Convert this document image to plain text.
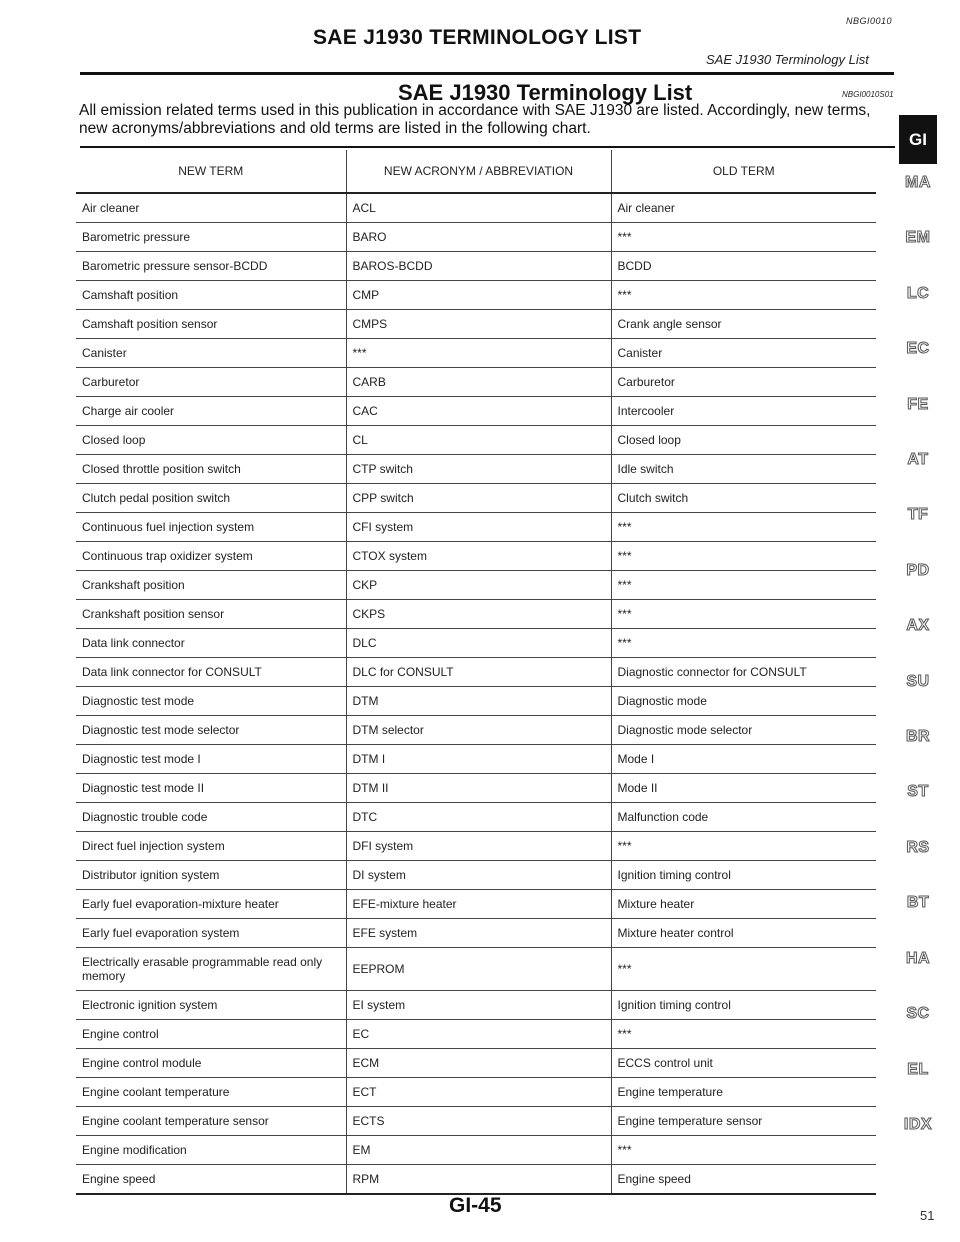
NBGI0010
SAE J1930 TERMINOLOGY LIST
SAE J1930 Terminology List
SAE J1930 Terminology List	NBGI0010S01
All emission related terms used in this publication in accordance with SAE J1930 are listed. Accordingly, new terms, new acronyms/abbreviations and old terms are listed in the following chart.
NEW TERM	NEW ACRONYM / ABBREVIATION	OLD TERM
Air cleaner	ACL	Air cleaner
Barometric pressure	BARO	***
Barometric pressure sensor-BCDD	BAROS-BCDD	BCDD
Camshaft position	CMP	***
Camshaft position sensor	CMPS	Crank angle sensor
Canister	***	Canister
Carburetor	CARB	Carburetor
Charge air cooler	CAC	Intercooler
Closed loop	CL	Closed loop
Closed throttle position switch	CTP switch	Idle switch
Clutch pedal position switch	CPP switch	Clutch switch
Continuous fuel injection system	CFI system	***
Continuous trap oxidizer system	CTOX system	***
Crankshaft position	CKP	***
Crankshaft position sensor	CKPS	***
Data link connector	DLC	***
Data link connector for CONSULT	DLC for CONSULT	Diagnostic connector for CONSULT
Diagnostic test mode	DTM	Diagnostic mode
Diagnostic test mode selector	DTM selector	Diagnostic mode selector
Diagnostic test mode I	DTM I	Mode I
Diagnostic test mode II	DTM II	Mode II
Diagnostic trouble code	DTC	Malfunction code
Direct fuel injection system	DFI system	***
Distributor ignition system	DI system	Ignition timing control
Early fuel evaporation-mixture heater	EFE-mixture heater	Mixture heater
Early fuel evaporation system	EFE system	Mixture heater control
Electrically erasable programmable read only memory	EEPROM	***
Electronic ignition system	EI system	Ignition timing control
Engine control	EC	***
Engine control module	ECM	ECCS control unit
Engine coolant temperature	ECT	Engine temperature
Engine coolant temperature sensor	ECTS	Engine temperature sensor
Engine modification	EM	***
Engine speed	RPM	Engine speed
GI
MA
EM
LC
EC
FE
AT
TF
PD
AX
SU
BR
ST
RS
BT
HA
SC
EL
IDX
GI-45	51
